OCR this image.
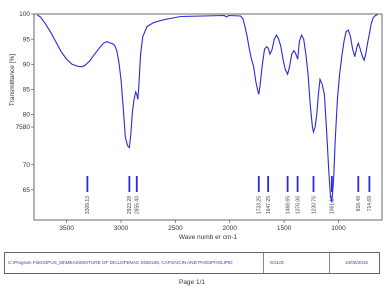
100
95
90
85
80
7580
70
65
3500	3000	2500	2000	1500	1000
3309.13	2923.28 2855.40	1733.25 1647.25	1468.65 1376.06 1230.76 1061.14	818.49 714.69
Transmittance [%]
Wave numb er cm-1
C:\Program Files\OPUS_65\MEAS\MIXTURE OF DICLOFENAC SODIUM, CAPSAICIN AND PHOSPHOLIPID	SOLID	10/06/2016
Page 1/1
